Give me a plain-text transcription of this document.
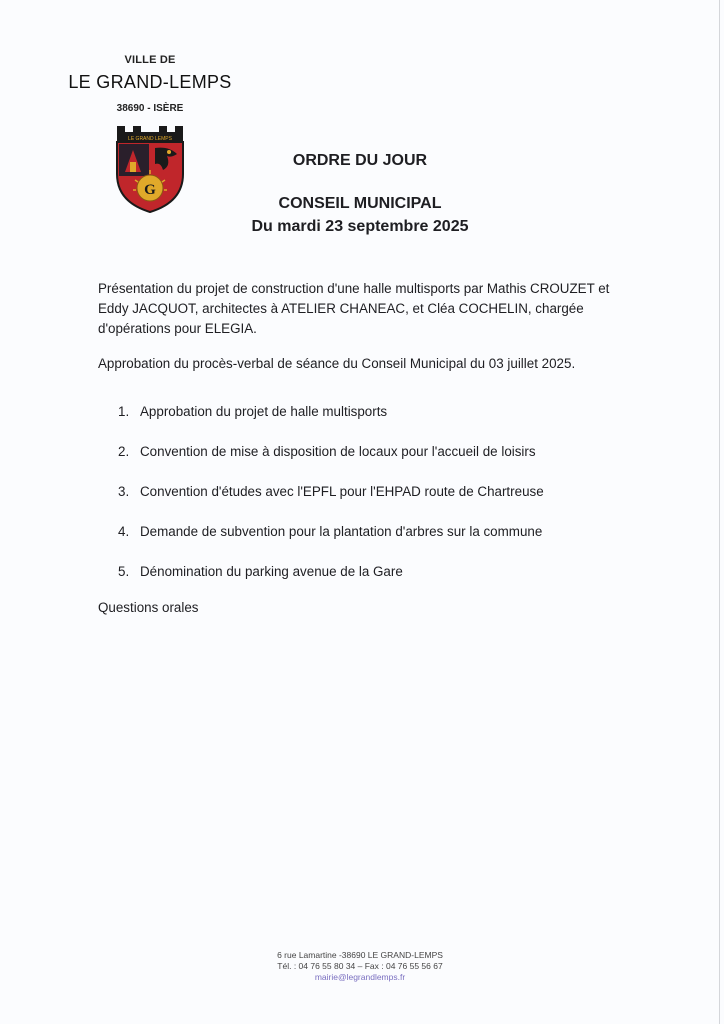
VILLE DE
LE GRAND-LEMPS
38690 - ISÈRE
LE GRAND LEMPS
G
ORDRE DU JOUR
CONSEIL MUNICIPAL
Du mardi 23 septembre 2025
Présentation du projet de construction d'une halle multisports par Mathis CROUZET et Eddy JACQUOT, architectes à ATELIER CHANEAC, et Cléa COCHELIN, chargée d'opérations pour ELEGIA.
Approbation du procès-verbal de séance du Conseil Municipal du 03 juillet 2025.
1. Approbation du projet de halle multisports
2. Convention de mise à disposition de locaux pour l'accueil de loisirs
3. Convention d'études avec l'EPFL pour l'EHPAD route de Chartreuse
4. Demande de subvention pour la plantation d'arbres sur la commune
5. Dénomination du parking avenue de la Gare
Questions orales
6 rue Lamartine -38690 LE GRAND-LEMPS
Tél. : 04 76 55 80 34 – Fax : 04 76 55 56 67
mairie@legrandlemps.fr
